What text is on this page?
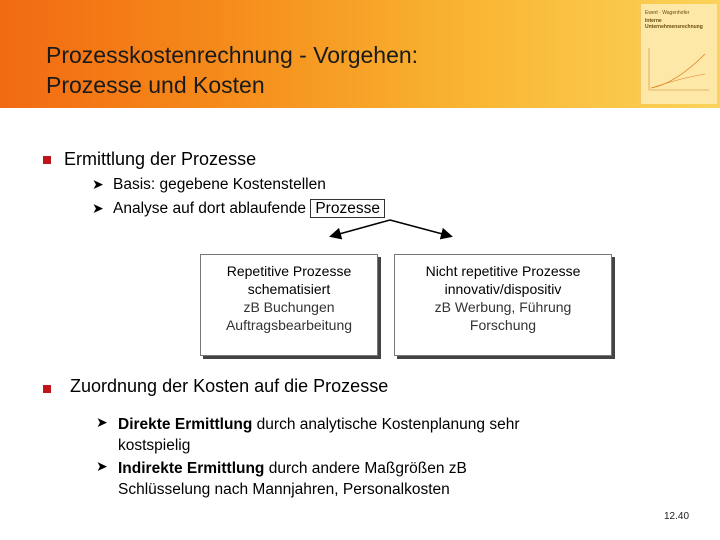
Prozesskostenrechnung - Vorgehen:
Prozesse und Kosten
Ewert · Wagenhofer
Interne
Unternehmensrechnung
Ermittlung der Prozesse
➤ Basis: gegebene Kostenstellen
➤ Analyse auf dort ablaufende Prozesse
Repetitive Prozesse
schematisiert
zB Buchungen
Auftragsbearbeitung
Nicht repetitive Prozesse
innovativ/dispositiv
zB Werbung, Führung
Forschung
Zuordnung der Kosten auf die Prozesse
➤ Direkte Ermittlung durch analytische Kostenplanung sehr
kostspielig
➤ Indirekte Ermittlung durch andere Maßgrößen zB
Schlüsselung nach Mannjahren, Personalkosten
12.40
